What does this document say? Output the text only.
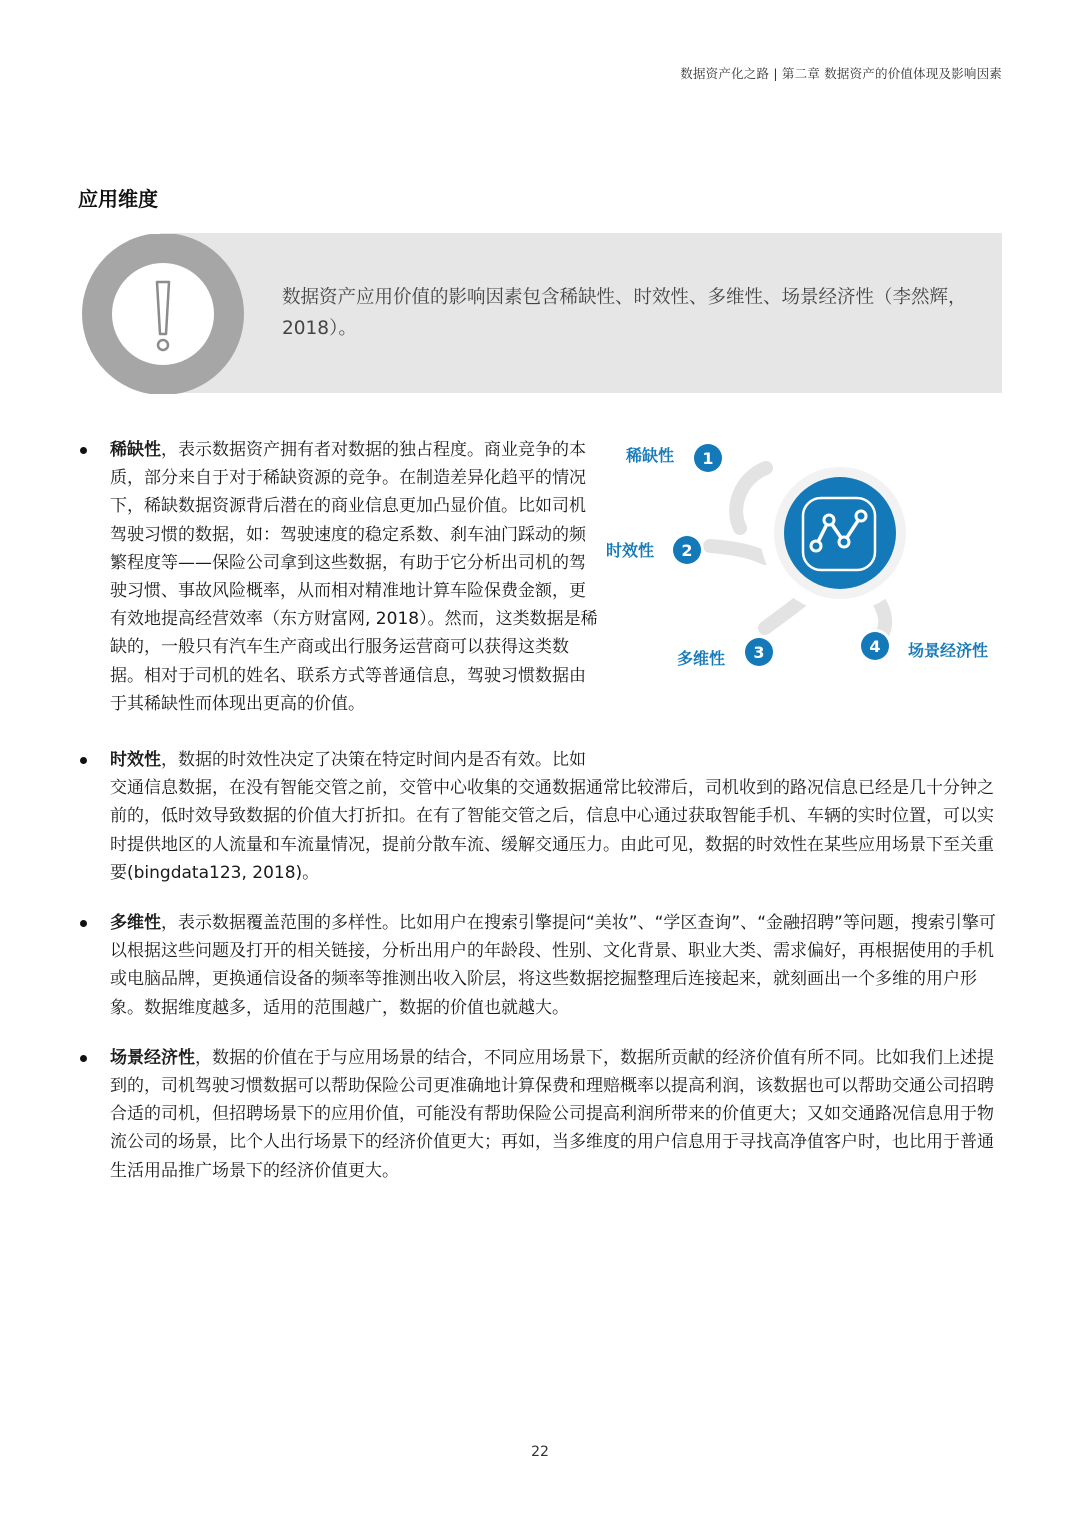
数据资产化之路 | 第二章 数据资产的价值体现及影响因素
应用维度
数据资产应用价值的影响因素包含稀缺性、时效性、多维性、场景经济性（李然辉，2018）。
1
稀缺性
2
时效性
3
多维性
4 场景经济性
稀缺性，表示数据资产拥有者对数据的独占程度。商业竞争的本质，部分来自于对于稀缺资源的竞争。在制造差异化趋平的情况下，稀缺数据资源背后潜在的商业信息更加凸显价值。比如司机驾驶习惯的数据，如：驾驶速度的稳定系数、刹车油门踩动的频繁程度等——保险公司拿到这些数据，有助于它分析出司机的驾驶习惯、事故风险概率，从而相对精准地计算车险保费金额，更有效地提高经营效率（东方财富网, 2018）。然而，这类数据是稀缺的，一般只有汽车生产商或出行服务运营商可以获得这类数据。相对于司机的姓名、联系方式等普通信息，驾驶习惯数据由于其稀缺性而体现出更高的价值。
时效性，数据的时效性决定了决策在特定时间内是否有效。比如交通信息数据，在没有智能交管之前，交管中心收集的交通数据通常比较滞后，司机收到的路况信息已经是几十分钟之前的，低时效导致数据的价值大打折扣。在有了智能交管之后，信息中心通过获取智能手机、车辆的实时位置，可以实时提供地区的人流量和车流量情况，提前分散车流、缓解交通压力。由此可见，数据的时效性在某些应用场景下至关重要(bingdata123, 2018)。
多维性，表示数据覆盖范围的多样性。比如用户在搜索引擎提问“美妆”、“学区查询”、“金融招聘”等问题，搜索引擎可以根据这些问题及打开的相关链接，分析出用户的年龄段、性别、文化背景、职业大类、需求偏好，再根据使用的手机或电脑品牌，更换通信设备的频率等推测出收入阶层，将这些数据挖掘整理后连接起来，就刻画出一个多维的用户形象。数据维度越多，适用的范围越广，数据的价值也就越大。
场景经济性，数据的价值在于与应用场景的结合，不同应用场景下，数据所贡献的经济价值有所不同。比如我们上述提到的，司机驾驶习惯数据可以帮助保险公司更准确地计算保费和理赔概率以提高利润，该数据也可以帮助交通公司招聘合适的司机，但招聘场景下的应用价值，可能没有帮助保险公司提高利润所带来的价值更大；又如交通路况信息用于物流公司的场景，比个人出行场景下的经济价值更大；再如，当多维度的用户信息用于寻找高净值客户时，也比用于普通生活用品推广场景下的经济价值更大。
22
